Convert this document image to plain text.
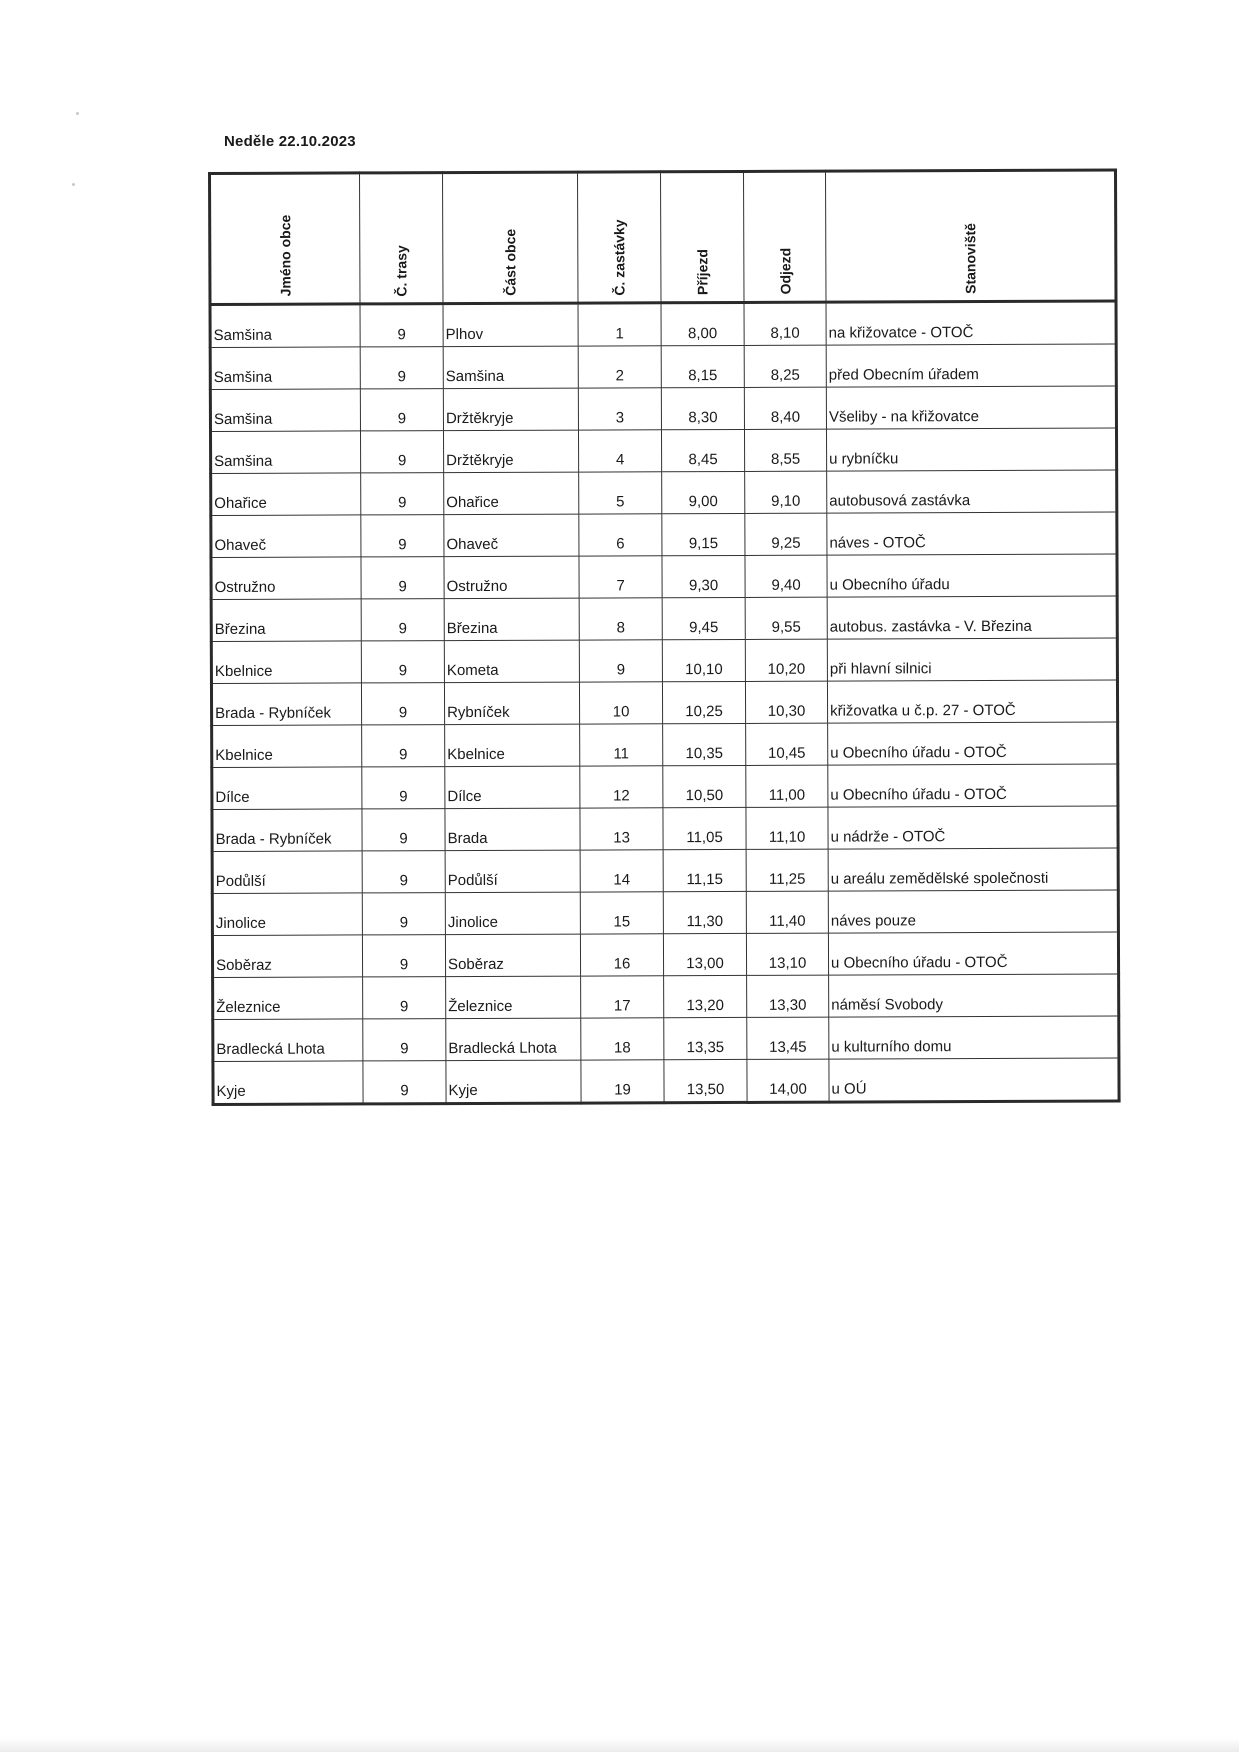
Neděle 22.10.2023
Jméno obce	Č. trasy	Část obce	Č. zastávky	Příjezd	Odjezd	Stanoviště

Samšina	9	Plhov	1	8,00	8,10	na křižovatce - OTOČ
Samšina	9	Samšina	2	8,15	8,25	před Obecním úřadem
Samšina	9	Držtěkryje	3	8,30	8,40	Všeliby - na křižovatce
Samšina	9	Držtěkryje	4	8,45	8,55	u rybníčku
Ohařice	9	Ohařice	5	9,00	9,10	autobusová zastávka
Ohaveč	9	Ohaveč	6	9,15	9,25	náves - OTOČ
Ostružno	9	Ostružno	7	9,30	9,40	u Obecního úřadu
Březina	9	Březina	8	9,45	9,55	autobus. zastávka - V. Březina
Kbelnice	9	Kometa	9	10,10	10,20	při hlavní silnici
Brada - Rybníček	9	Rybníček	10	10,25	10,30	křižovatka u č.p. 27 - OTOČ
Kbelnice	9	Kbelnice	11	10,35	10,45	u Obecního úřadu - OTOČ
Dílce	9	Dílce	12	10,50	11,00	u Obecního úřadu - OTOČ
Brada - Rybníček	9	Brada	13	11,05	11,10	u nádrže - OTOČ
Podůlší	9	Podůlší	14	11,15	11,25	u areálu zemědělské společnosti
Jinolice	9	Jinolice	15	11,30	11,40	náves pouze
Soběraz	9	Soběraz	16	13,00	13,10	u Obecního úřadu - OTOČ
Železnice	9	Železnice	17	13,20	13,30	náměsí Svobody
Bradlecká Lhota	9	Bradlecká Lhota	18	13,35	13,45	u kulturního domu
Kyje	9	Kyje	19	13,50	14,00	u OÚ
